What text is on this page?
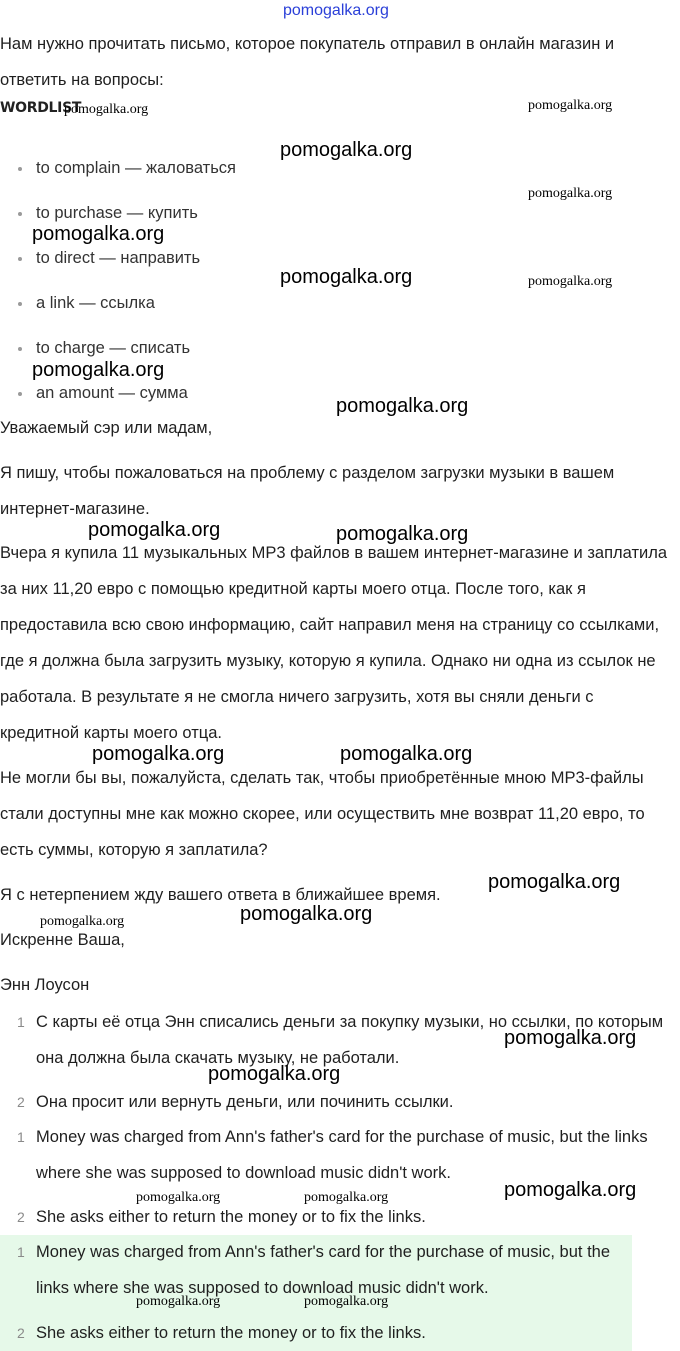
pomogalka.org

Нам нужно прочитать письмо, которое покупатель отправил в онлайн магазин и ответить на вопросы:

WORDLIST
to complain — жаловаться
to purchase — купить
to direct — направить
a link — ссылка
to charge — списать
an amount — сумма

Уважаемый сэр или мадам,

Я пишу, чтобы пожаловаться на проблему с разделом загрузки музыки в вашем интернет-магазине.

Вчера я купила 11 музыкальных MP3 файлов в вашем интернет-магазине и заплатила за них 11,20 евро с помощью кредитной карты моего отца. После того, как я предоставила всю свою информацию, сайт направил меня на страницу со ссылками, где я должна была загрузить музыку, которую я купила. Однако ни одна из ссылок не работала. В результате я не смогла ничего загрузить, хотя вы сняли деньги с кредитной карты моего отца.

Не могли бы вы, пожалуйста, сделать так, чтобы приобретённые мною MP3-файлы стали доступны мне как можно скорее, или осуществить мне возврат 11,20 евро, то есть суммы, которую я заплатила?

Я с нетерпением жду вашего ответа в ближайшее время.

Искренне Ваша,

Энн Лоусон

1 С карты её отца Энн списались деньги за покупку музыки, но ссылки, по которым она должна была скачать музыку, не работали.
2 Она просит или вернуть деньги, или починить ссылки.
1 Money was charged from Ann's father's card for the purchase of music, but the links where she was supposed to download music didn't work.
2 She asks either to return the money or to fix the links.
1 Money was charged from Ann's father's card for the purchase of music, but the links where she was supposed to download music didn't work.
2 She asks either to return the money or to fix the links.
pomogalka.org	pomogalka.org
pomogalka.org
pomogalka.org
pomogalka.org
pomogalka.org	pomogalka.org
pomogalka.org
pomogalka.org
pomogalka.org	pomogalka.org
pomogalka.org	pomogalka.org
pomogalka.org
pomogalka.org
pomogalka.org
pomogalka.org
pomogalka.org
pomogalka.org
pomogalka.org	pomogalka.org
pomogalka.org	pomogalka.org
